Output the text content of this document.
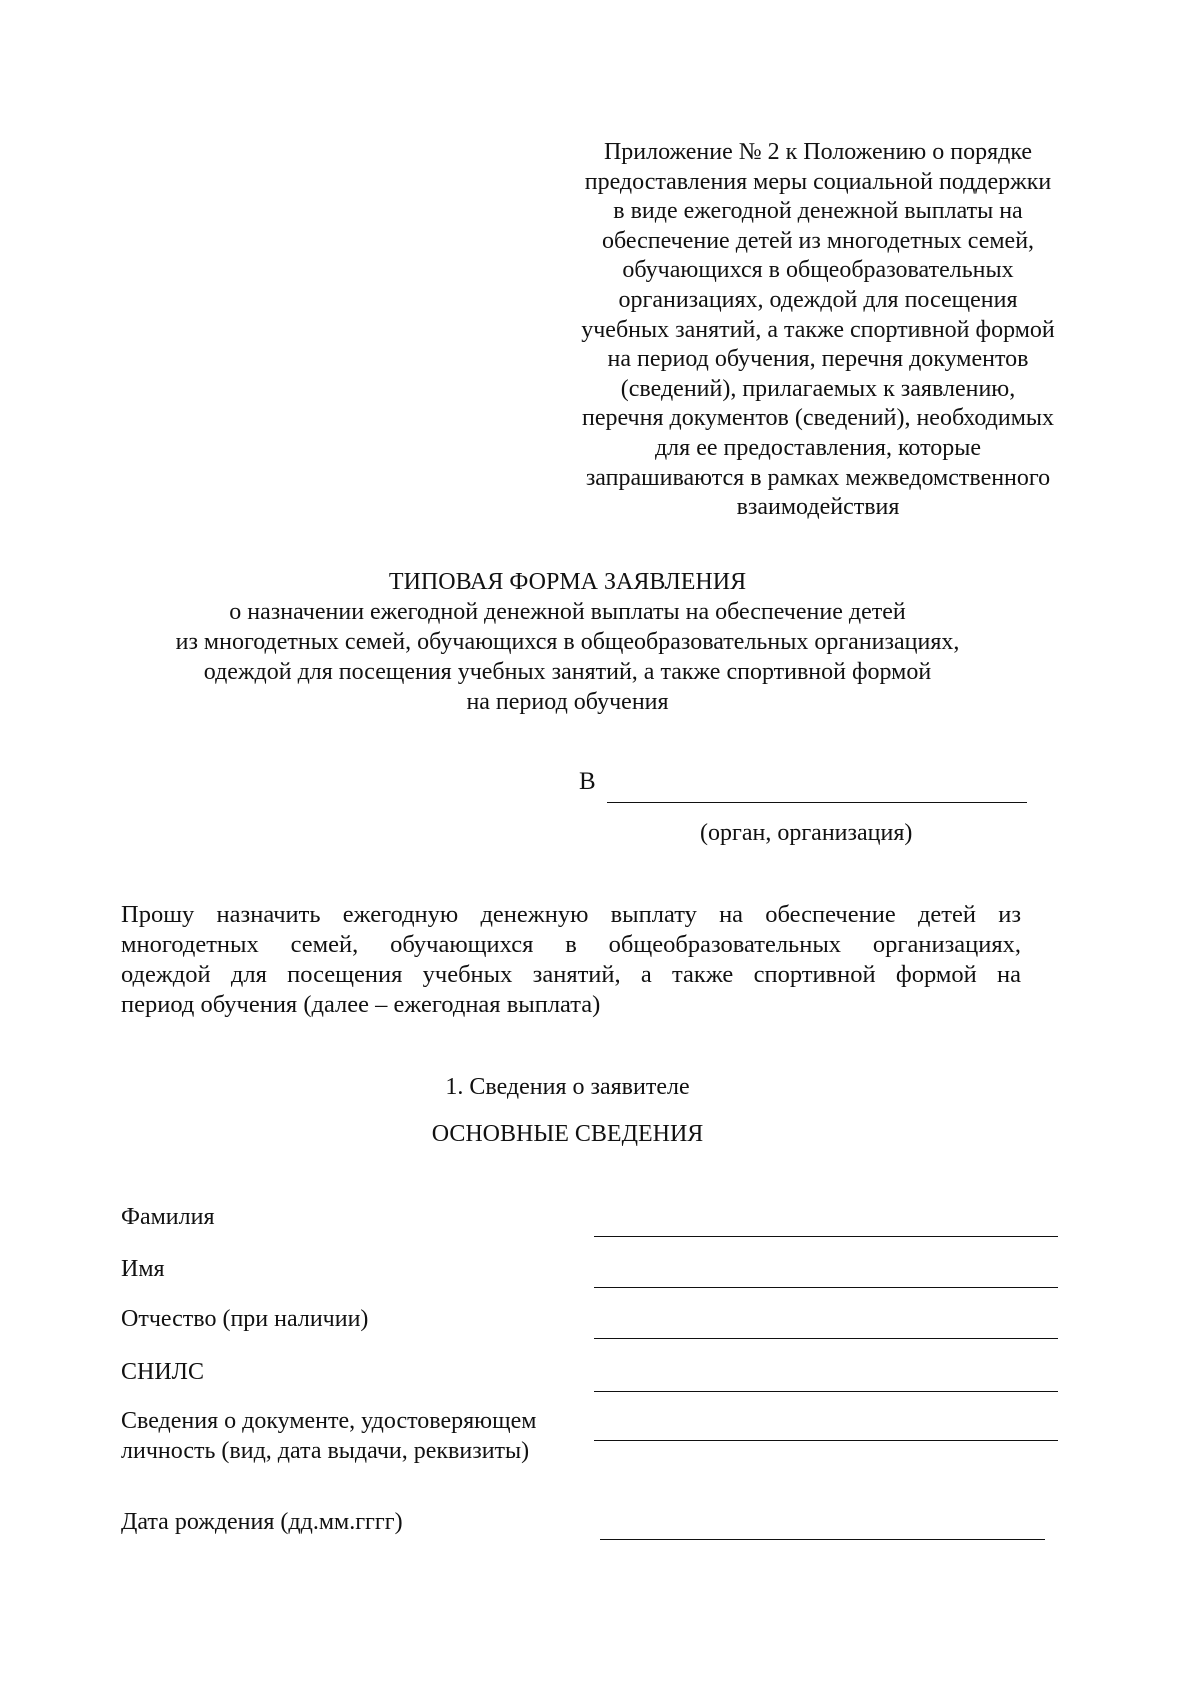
Приложение № 2 к Положению о порядке
предоставления меры социальной поддержки
в виде ежегодной денежной выплаты на
обеспечение детей из многодетных семей,
обучающихся в общеобразовательных
организациях, одеждой для посещения
учебных занятий, а также спортивной формой
на период обучения, перечня документов
(сведений), прилагаемых к заявлению,
перечня документов (сведений), необходимых
для ее предоставления, которые
запрашиваются в рамках межведомственного
взаимодействия
ТИПОВАЯ ФОРМА ЗАЯВЛЕНИЯ
о назначении ежегодной денежной выплаты на обеспечение детей
из многодетных семей, обучающихся в общеобразовательных организациях,
одеждой для посещения учебных занятий, а также спортивной формой
на период обучения
В
(орган, организация)
Прошу назначить ежегодную денежную выплату на обеспечение детей из
многодетных семей, обучающихся в общеобразовательных организациях,
одеждой для посещения учебных занятий, а также спортивной формой на
период обучения (далее – ежегодная выплата)
1. Сведения о заявителе
ОСНОВНЫЕ СВЕДЕНИЯ
Фамилия
Имя
Отчество (при наличии)
СНИЛС
Сведения о документе, удостоверяющем
личность (вид, дата выдачи, реквизиты)
Дата рождения (дд.мм.гггг)
